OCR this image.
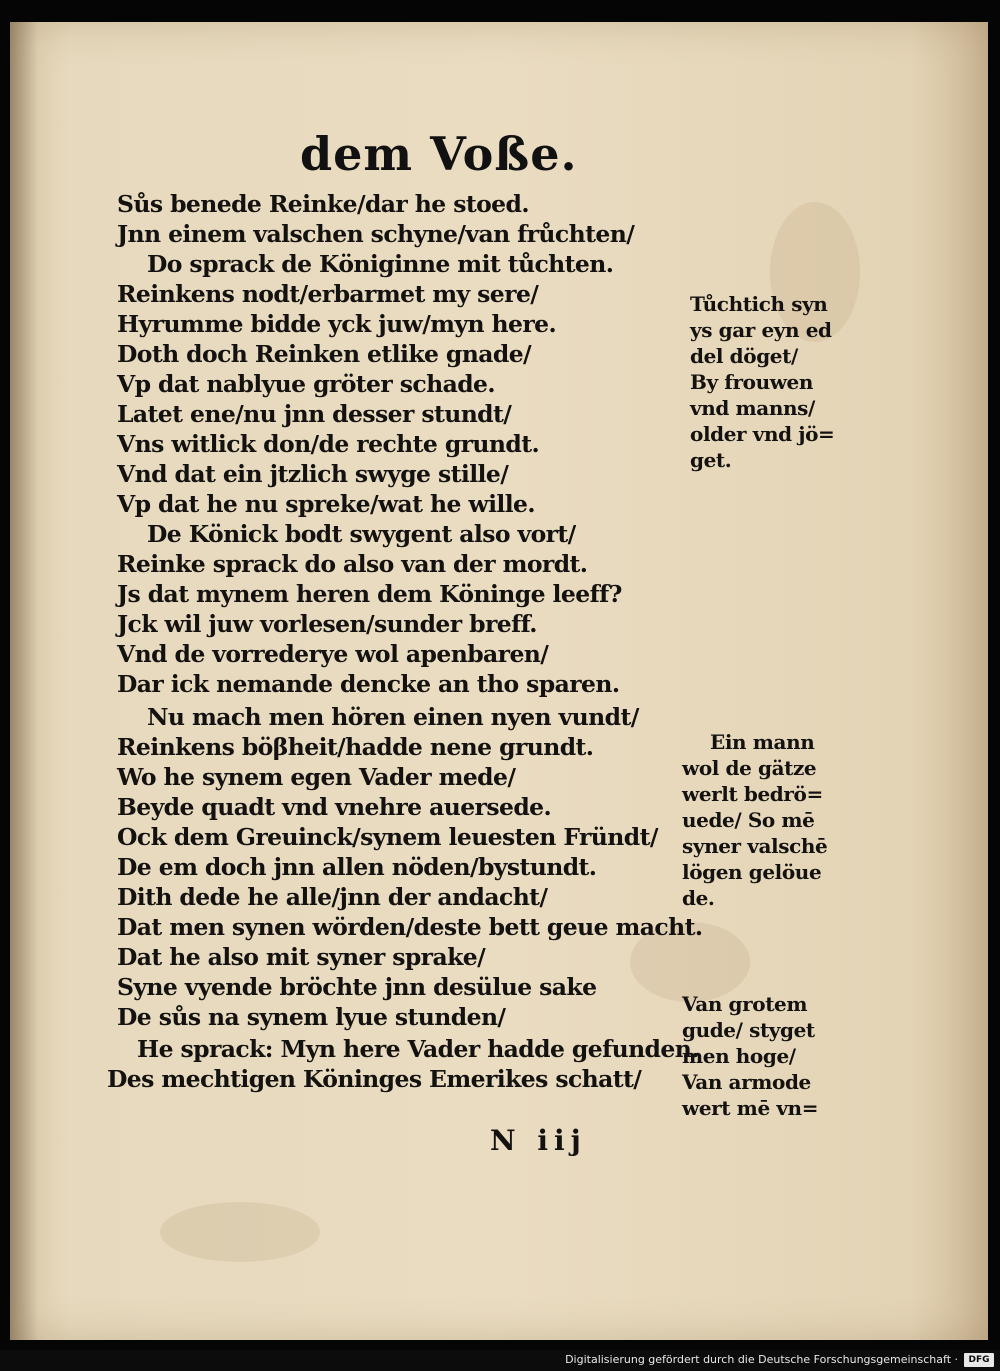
dem Voße.
Sůs benede Reinke/dar he stoed.
Jnn einem valschen schyne/van frůchten/
Do sprack de Königinne mit tůchten.
Reinkens nodt/erbarmet my sere/
Hyrumme bidde yck juw/myn here.
Doth doch Reinken etlike gnade/
Vp dat nablyue gröter schade.
Latet ene/nu jnn desser stundt/
Vns witlick don/de rechte grundt.
Vnd dat ein jtzlich swyge stille/
Vp dat he nu spreke/wat he wille.
De Könick bodt swygent also vort/
Reinke sprack do also van der mordt.
Js dat mynem heren dem Köninge leeff?
Jck wil juw vorlesen/sunder breff.
Vnd de vorrederye wol apenbaren/
Dar ick nemande dencke an tho sparen.
Nu mach men hören einen nyen vundt/
Reinkens böβheit/hadde nene grundt.
Wo he synem egen Vader mede/
Beyde quadt vnd vnehre auersede.
Ock dem Greuinck/synem leuesten Fründt/
De em doch jnn allen nöden/bystundt.
Dith dede he alle/jnn der andacht/
Dat men synen wörden/deste bett geue macht.
Dat he also mit syner sprake/
Syne vyende bröchte jnn desülue sake
De sůs na synem lyue stunden/
He sprack: Myn here Vader hadde gefunden.
Des mechtigen Köninges Emerikes schatt/
Tůchtich syn
ys gar eyn ed
del döget/
By frouwen
vnd manns/
older vnd jö=
get.
Ein mann
wol de gätze
werlt bedrö=
uede/ So mē
syner valschē
lögen gelöue
de.
Van grotem
gude/ styget
men hoge/
Van armode
wert mē vn=
N iij
Digitalisierung gefördert durch die Deutsche Forschungsgemeinschaft ·	DFG
